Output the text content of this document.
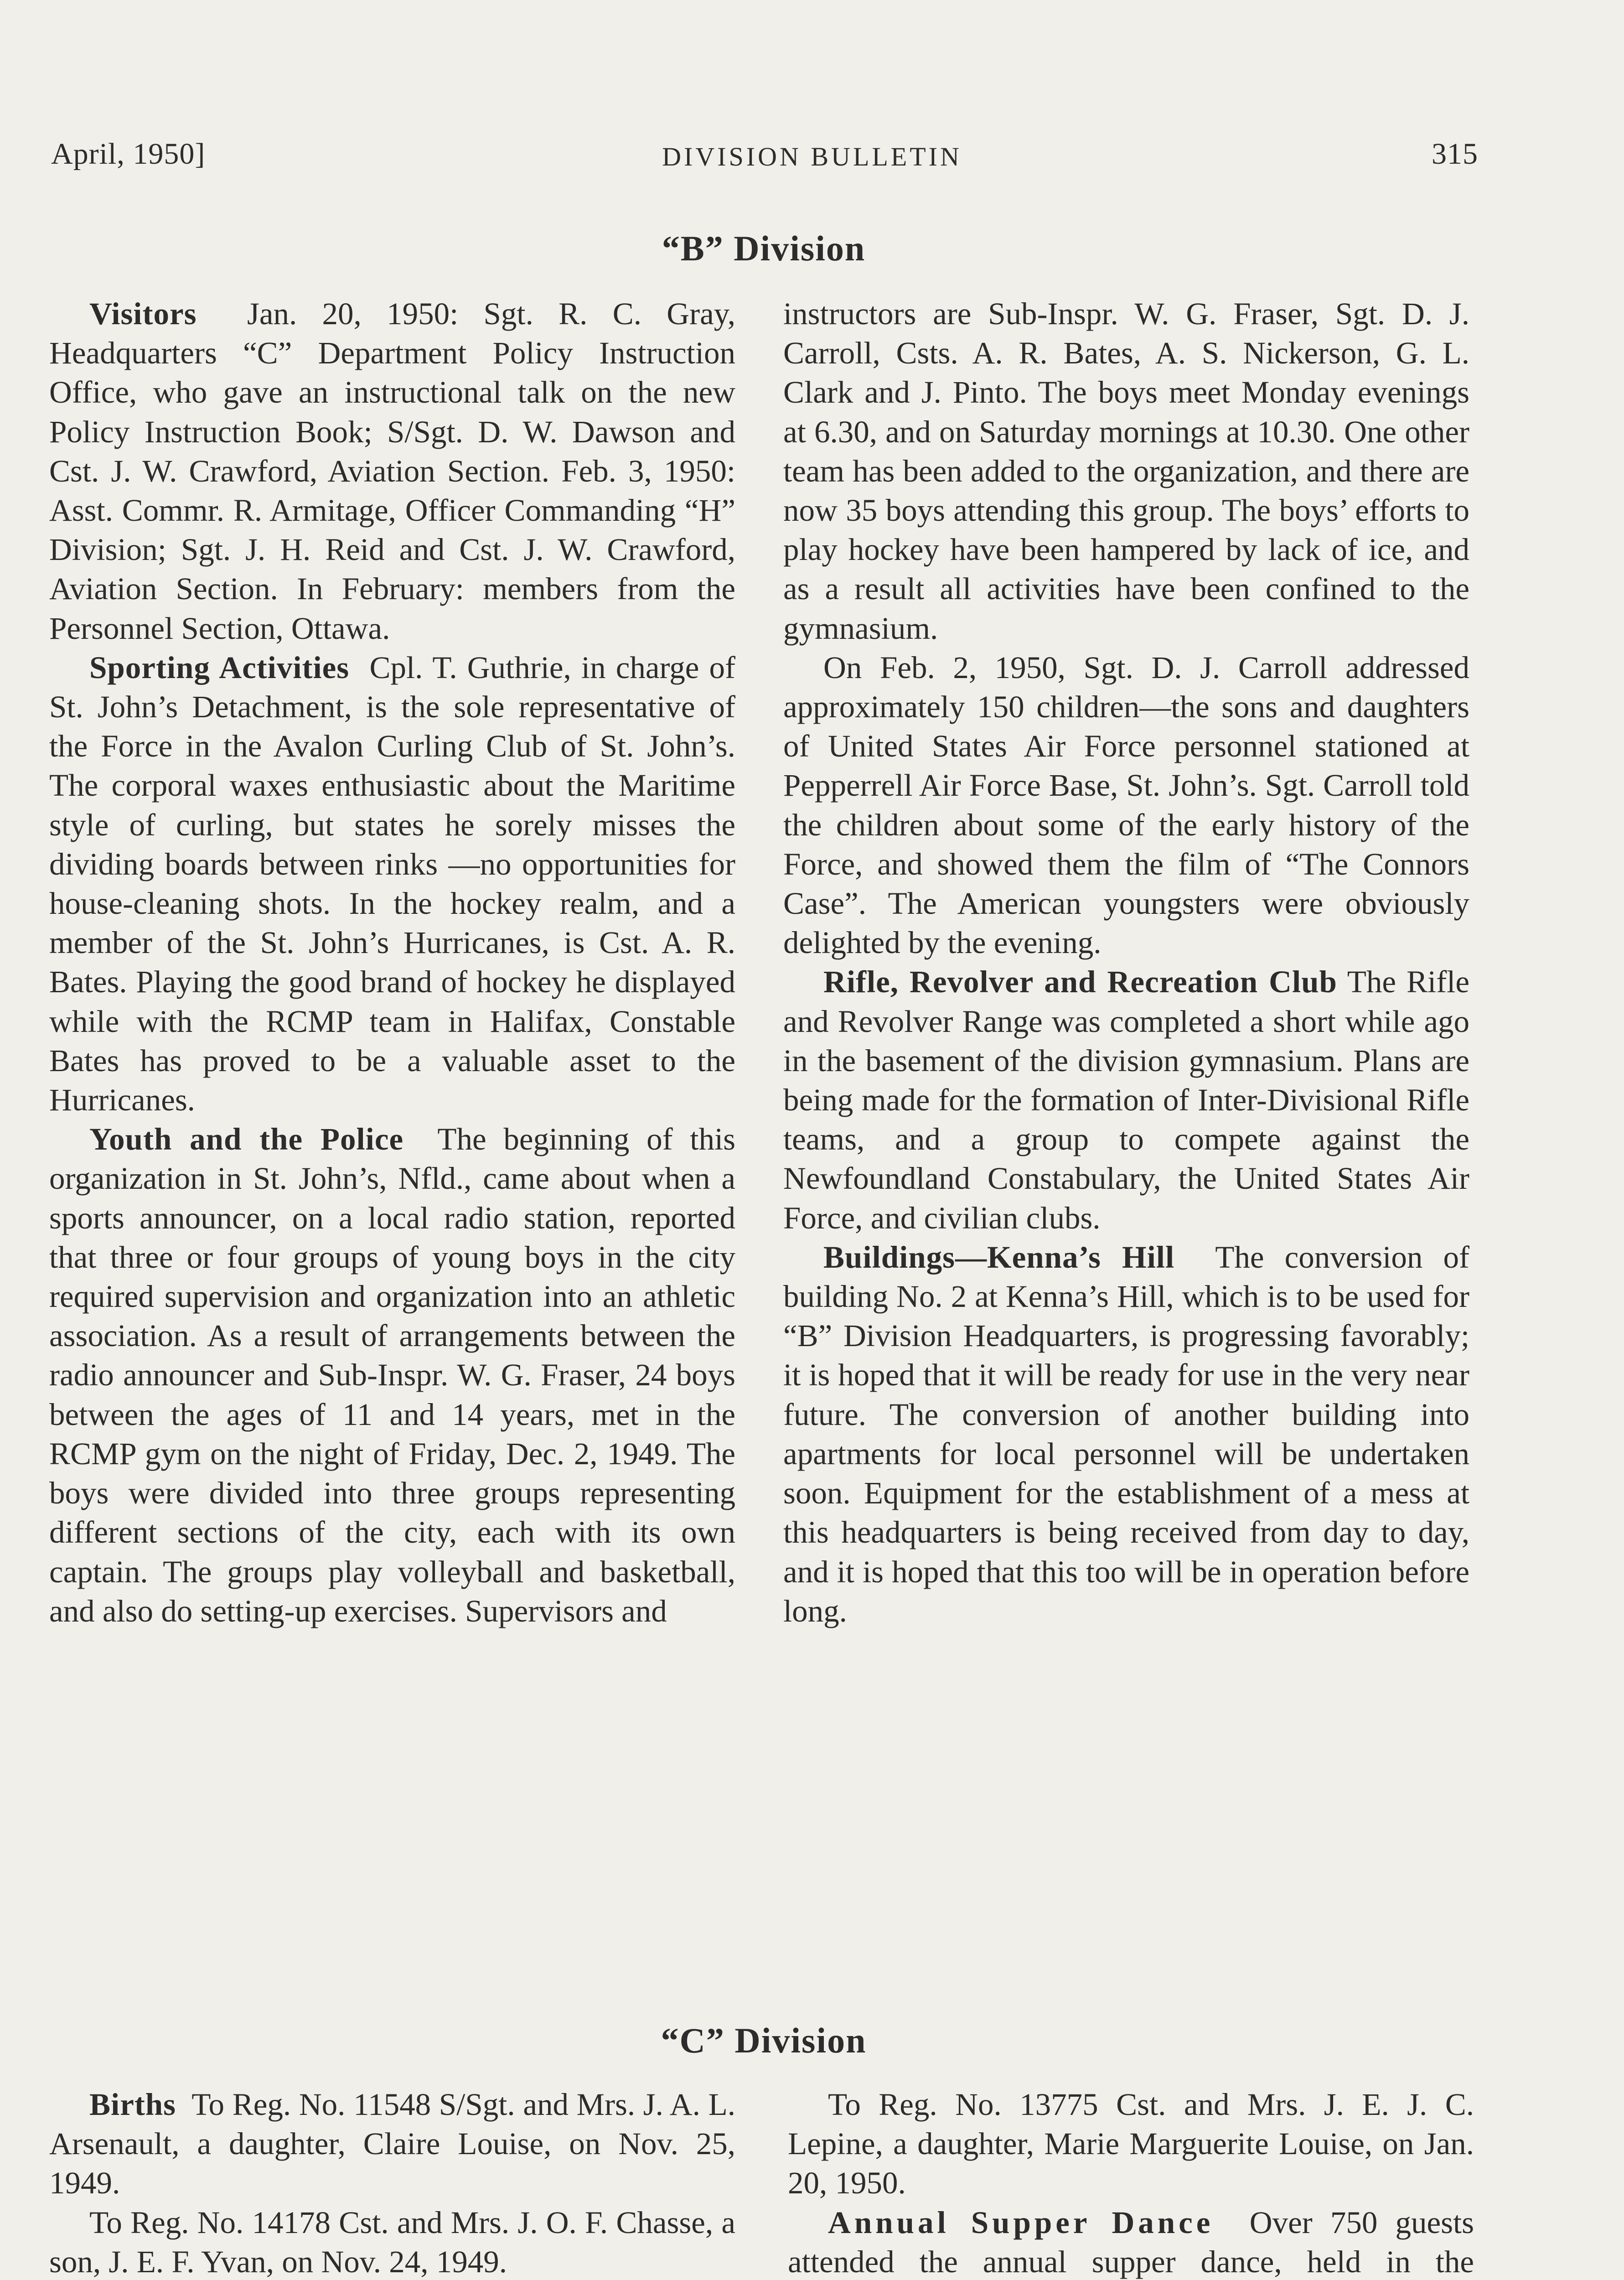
April, 1950]	DIVISION BULLETIN	315
“B” Division

Visitors Jan. 20, 1950: Sgt. R. C. Gray, Headquarters “C” Department Policy Instruction Office, who gave an instructional talk on the new Policy Instruction Book; S/Sgt. D. W. Dawson and Cst. J. W. Crawford, Aviation Section. Feb. 3, 1950: Asst. Commr. R. Armitage, Officer Commanding “H” Division; Sgt. J. H. Reid and Cst. J. W. Crawford, Aviation Section. In February: members from the Personnel Section, Ottawa.

Sporting Activities Cpl. T. Guthrie, in charge of St. John’s Detachment, is the sole representative of the Force in the Avalon Curling Club of St. John’s. The corporal waxes enthusiastic about the Maritime style of curling, but states he sorely misses the dividing boards between rinks —no opportunities for house-cleaning shots. In the hockey realm, and a member of the St. John’s Hurricanes, is Cst. A. R. Bates. Playing the good brand of hockey he displayed while with the RCMP team in Halifax, Constable Bates has proved to be a valuable asset to the Hurricanes.

Youth and the Police The beginning of this organization in St. John’s, Nfld., came about when a sports announcer, on a local radio station, reported that three or four groups of young boys in the city required supervision and organization into an athletic association. As a result of arrangements between the radio announcer and Sub-Inspr. W. G. Fraser, 24 boys between the ages of 11 and 14 years, met in the RCMP gym on the night of Friday, Dec. 2, 1949. The boys were divided into three groups representing different sections of the city, each with its own captain. The groups play volleyball and basketball, and also do setting-up exercises. Supervisors and

instructors are Sub-Inspr. W. G. Fraser, Sgt. D. J. Carroll, Csts. A. R. Bates, A. S. Nickerson, G. L. Clark and J. Pinto. The boys meet Monday evenings at 6.30, and on Saturday mornings at 10.30. One other team has been added to the organization, and there are now 35 boys attending this group. The boys’ efforts to play hockey have been hampered by lack of ice, and as a result all activities have been confined to the gymnasium.

On Feb. 2, 1950, Sgt. D. J. Carroll addressed approximately 150 children—the sons and daughters of United States Air Force personnel stationed at Pepperrell Air Force Base, St. John’s. Sgt. Carroll told the children about some of the early history of the Force, and showed them the film of “The Connors Case”. The American youngsters were obviously delighted by the evening.

Rifle, Revolver and Recreation Club The Rifle and Revolver Range was completed a short while ago in the basement of the division gymnasium. Plans are being made for the formation of Inter-Divisional Rifle teams, and a group to compete against the Newfoundland Constabulary, the United States Air Force, and civilian clubs.

Buildings—Kenna’s Hill The conversion of building No. 2 at Kenna’s Hill, which is to be used for “B” Division Headquarters, is progressing favorably; it is hoped that it will be ready for use in the very near future. The conversion of another building into apartments for local personnel will be undertaken soon. Equipment for the establishment of a mess at this headquarters is being received from day to day, and it is hoped that this too will be in operation before long.

“C” Division

Births To Reg. No. 11548 S/Sgt. and Mrs. J. A. L. Arsenault, a daughter, Claire Louise, on Nov. 25, 1949.

To Reg. No. 14178 Cst. and Mrs. J. O. F. Chasse, a son, J. E. F. Yvan, on Nov. 24, 1949.

To Reg. No. 13775 Cst. and Mrs. J. E. J. C. Lepine, a daughter, Marie Marguerite Louise, on Jan. 20, 1950.

Annual Supper Dance Over 750 guests attended the annual supper dance, held in the
